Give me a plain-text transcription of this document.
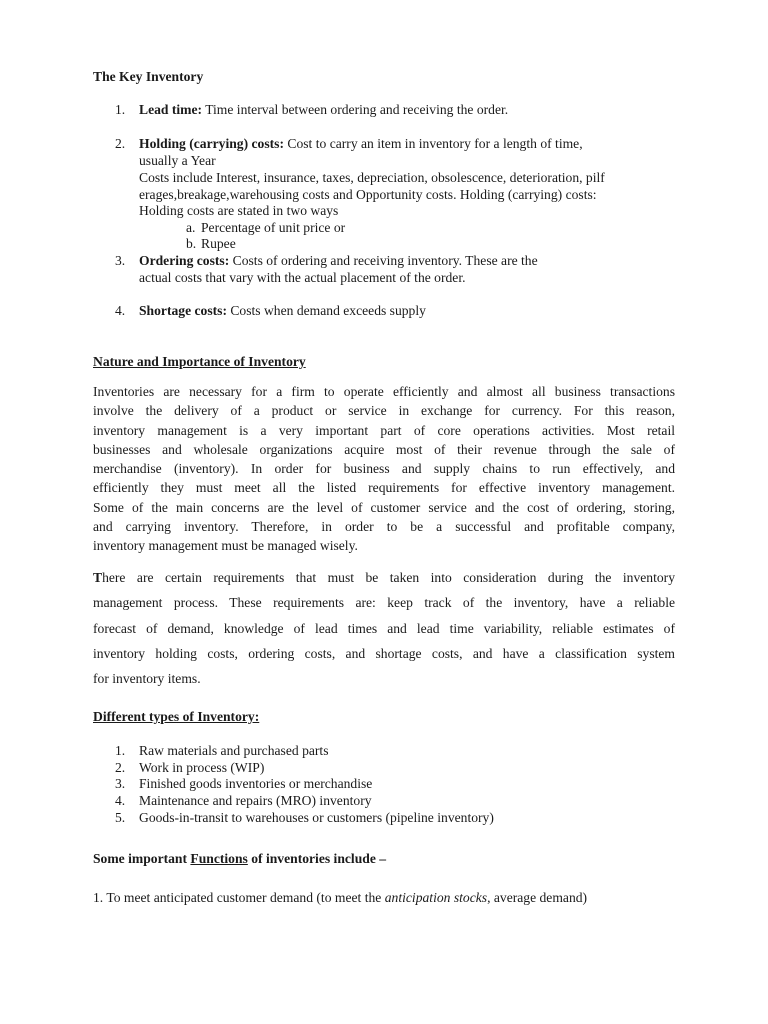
The Key Inventory
1. Lead time: Time interval between ordering and receiving the order.
2. Holding (carrying) costs: Cost to carry an item in inventory for a length of time,
usually a Year
Costs include Interest, insurance, taxes, depreciation, obsolescence, deterioration, pilf
erages,breakage,warehousing costs and Opportunity costs. Holding (carrying) costs:
Holding costs are stated in two ways
a. Percentage of unit price or
b. Rupee
3. Ordering costs: Costs of ordering and receiving inventory. These are the
actual costs that vary with the actual placement of the order.
4. Shortage costs: Costs when demand exceeds supply
Nature and Importance of Inventory
Inventories are necessary for a firm to operate efficiently and almost all business transactions
involve the delivery of a product or service in exchange for currency. For this reason,
inventory management is a very important part of core operations activities. Most retail
businesses and wholesale organizations acquire most of their revenue through the sale of
merchandise (inventory). In order for business and supply chains to run effectively, and
efficiently they must meet all the listed requirements for effective inventory management.
Some of the main concerns are the level of customer service and the cost of ordering, storing,
and carrying inventory. Therefore, in order to be a successful and profitable company,
inventory management must be managed wisely.
There are certain requirements that must be taken into consideration during the inventory
management process. These requirements are: keep track of the inventory, have a reliable
forecast of demand, knowledge of lead times and lead time variability, reliable estimates of
inventory holding costs, ordering costs, and shortage costs, and have a classification system
for inventory items.
Different types of Inventory:
1. Raw materials and purchased parts
2. Work in process (WIP)
3. Finished goods inventories or merchandise
4. Maintenance and repairs (MRO) inventory
5. Goods-in-transit to warehouses or customers (pipeline inventory)
Some important Functions of inventories include –
1. To meet anticipated customer demand (to meet the anticipation stocks, average demand)
